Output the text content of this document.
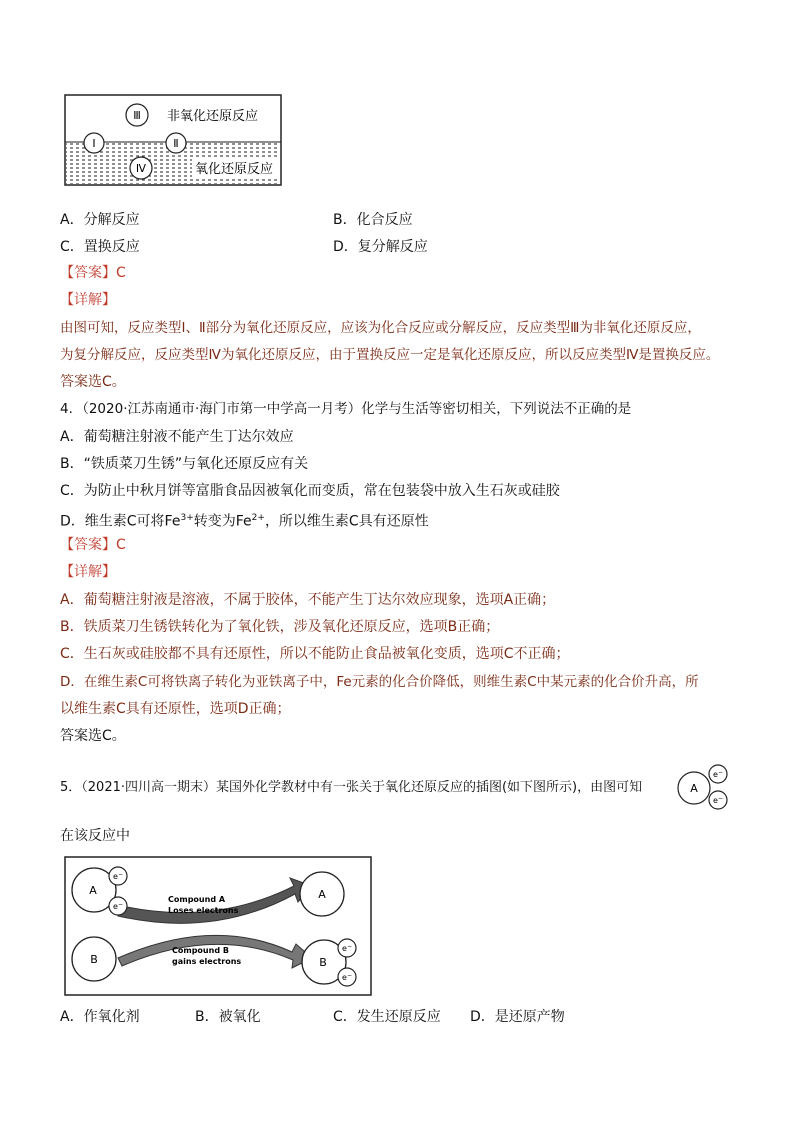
Ⅲ 非氧化还原反应
Ⅰ	Ⅱ
Ⅳ	氧化还原反应
A．分解反应	B．化合反应
C．置换反应	D．复分解反应
【答案】C
【详解】
由图可知，反应类型Ⅰ、Ⅱ部分为氧化还原反应，应该为化合反应或分解反应，反应类型Ⅲ为非氧化还原反应，
为复分解反应，反应类型Ⅳ为氧化还原反应，由于置换反应一定是氧化还原反应，所以反应类型Ⅳ是置换反应。
答案选C。
4．（2020·江苏南通市·海门市第一中学高一月考）化学与生活等密切相关，下列说法不正确的是
A．葡萄糖注射液不能产生丁达尔效应
B．“铁质菜刀生锈”与氧化还原反应有关
C．为防止中秋月饼等富脂食品因被氧化而变质，常在包装袋中放入生石灰或硅胶
D．维生素C可将$Fe^{3+}$转变为$Fe^{2+}$，所以维生素C具有还原性
【答案】C
【详解】
A．葡萄糖注射液是溶液，不属于胶体，不能产生丁达尔效应现象，选项A正确；
B．铁质菜刀生锈铁转化为了氧化铁，涉及氧化还原反应，选项B正确；
C．生石灰或硅胶都不具有还原性，所以不能防止食品被氧化变质，选项C不正确；
D．在维生素C可将铁离子转化为亚铁离子中，Fe元素的化合价降低，则维生素C中某元素的化合价升高，所
以维生素C具有还原性，选项D正确；
答案选C。
5．（2021·四川高一期末）某国外化学教材中有一张关于氧化还原反应的插图(如下图所示)，由图可知	A
e−
e−
在该反应中
A
e−
e−
B
A
B
e−
e−
Compound A
Loses electrons
Compound B
gains electrons
A．作氧化剂	B．被氧化	C．发生还原反应 D．是还原产物
